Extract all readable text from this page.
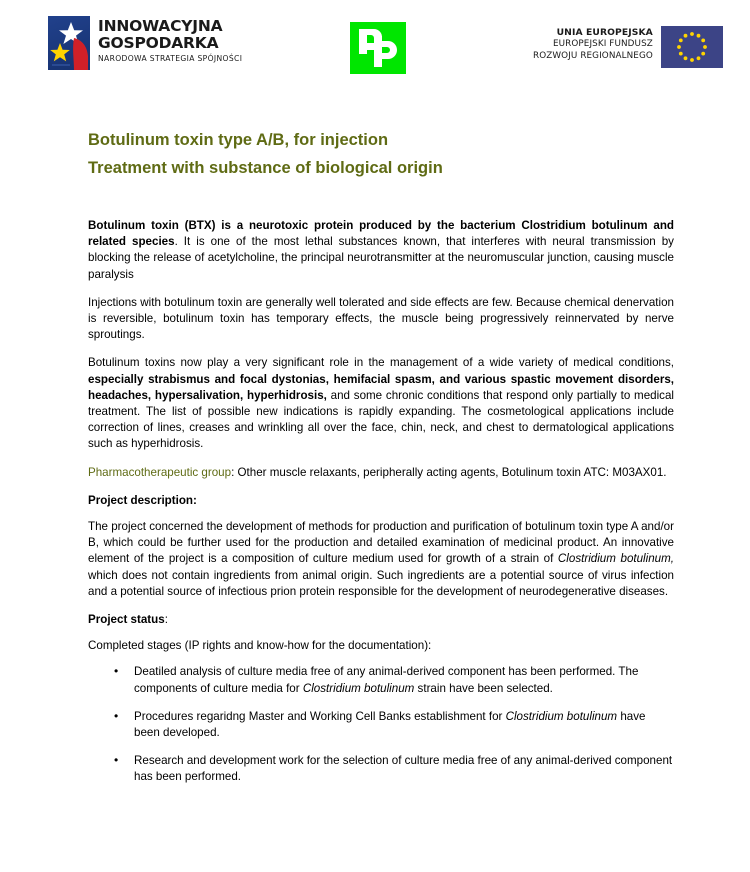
INNOWACYJNA
GOSPODARKA
NARODOWA STRATEGIA SPÓJNOŚCI
UNIA EUROPEJSKA
EUROPEJSKI FUNDUSZ
ROZWOJU REGIONALNEGO
Botulinum toxin type A/B, for injection
Treatment with substance of biological origin

Botulinum toxin (BTX) is a neurotoxic protein produced by the bacterium Clostridium botulinum and related species. It is one of the most lethal substances known, that interferes with neural transmission by blocking the release of acetylcholine, the principal neurotransmitter at the neuromuscular junction, causing muscle paralysis

Injections with botulinum toxin are generally well tolerated and side effects are few. Because chemical denervation is reversible, botulinum toxin has temporary effects, the muscle being progressively reinnervated by nerve sproutings.

Botulinum toxins now play a very significant role in the management of a wide variety of medical conditions, especially strabismus and focal dystonias, hemifacial spasm, and various spastic movement disorders, headaches, hypersalivation, hyperhidrosis, and some chronic conditions that respond only partially to medical treatment. The list of possible new indications is rapidly expanding. The cosmetological applications include correction of lines, creases and wrinkling all over the face, chin, neck, and chest to dermatological applications such as hyperhidrosis.

Pharmacotherapeutic group: Other muscle relaxants, peripherally acting agents, Botulinum toxin ATC: M03AX01.

Project description:

The project concerned the development of methods for production and purification of botulinum toxin type A and/or B, which could be further used for the production and detailed examination of medicinal product. An innovative element of the project is a composition of culture medium used for growth of a strain of Clostridium botulinum, which does not contain ingredients from animal origin. Such ingredients are a potential source of virus infection and a potential source of infectious prion protein responsible for the development of neurodegenerative diseases.

Project status:

Completed stages (IP rights and know-how for the documentation):

• Deatiled analysis of culture media free of any animal-derived component has been performed. The components of culture media for Clostridium botulinum strain have been selected.
• Procedures regaridng Master and Working Cell Banks establishment for Clostridium botulinum have been developed.
• Research and development work for the selection of culture media free of any animal-derived component has been performed.
